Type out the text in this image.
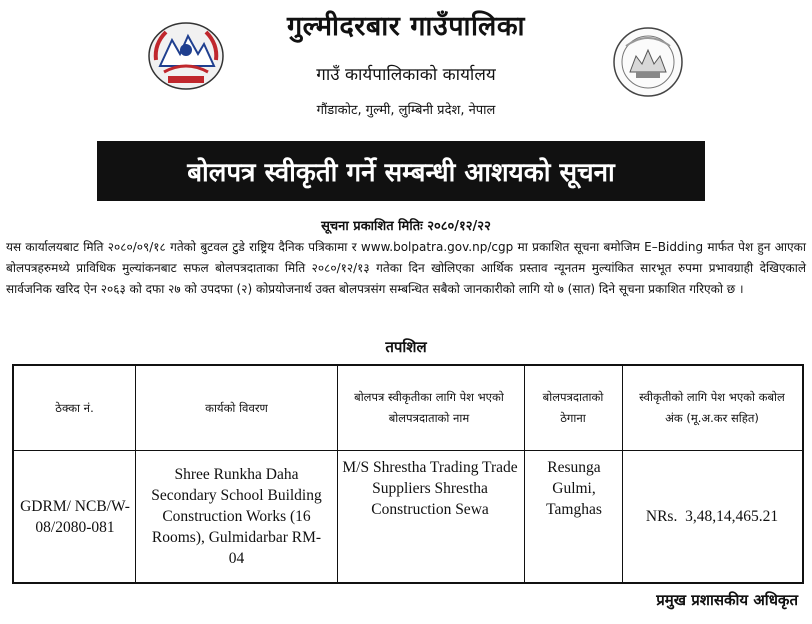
गुल्मीदरबार गाउँपालिका
गाउँ कार्यपालिकाको कार्यालय
गौंडाकोट, गुल्मी, लुम्बिनी प्रदेश, नेपाल
बोलपत्र स्वीकृती गर्ने सम्बन्धी आशयको सूचना
सूचना प्रकाशित मितिः २०८०/१२/२२
यस कार्यालयबाट मिति २०८०/०९/१८ गतेको बुटवल टुडे राष्ट्रिय दैनिक पत्रिकामा र www.bolpatra.gov.np/cgp मा प्रकाशित सूचना बमोजिम E–Bidding मार्फत पेश हुन आएका बोलपत्रहरुमध्ये प्राविधिक मुल्यांकनबाट सफल बोलपत्रदाताका मिति २०८०/१२/१३ गतेका दिन खोलिएका आर्थिक प्रस्ताव न्यूनतम मुल्यांकित सारभूत रुपमा प्रभावग्राही देखिएकाले सार्वजनिक खरिद ऐन २०६३ को दफा २७ को उपदफा (२) कोप्रयोजनार्थ उक्त बोलपत्रसंग सम्बन्धित सबैको जानकारीको लागि यो ७ (सात) दिने सूचना प्रकाशित गरिएको छ ।
तपशिल
ठेक्का नं.	कार्यको विवरण
बोलपत्र स्वीकृतीका लागि पेश भएको बोलपत्रदाताको नाम
बोलपत्रदाताको ठेगाना
स्वीकृतीको लागि पेश भएको कबोल अंक (मू.अ.कर सहित)
GDRM/ NCB/W- 08/2080-081
Shree Runkha Daha Secondary School Building Construction Works (16 Rooms), Gulmidarbar RM-04
M/S Shrestha Trading Trade Suppliers Shrestha Construction Sewa
Resunga Gulmi, Tamghas	NRs.  3,48,14,465.21
प्रमुख प्रशासकीय अधिकृत
